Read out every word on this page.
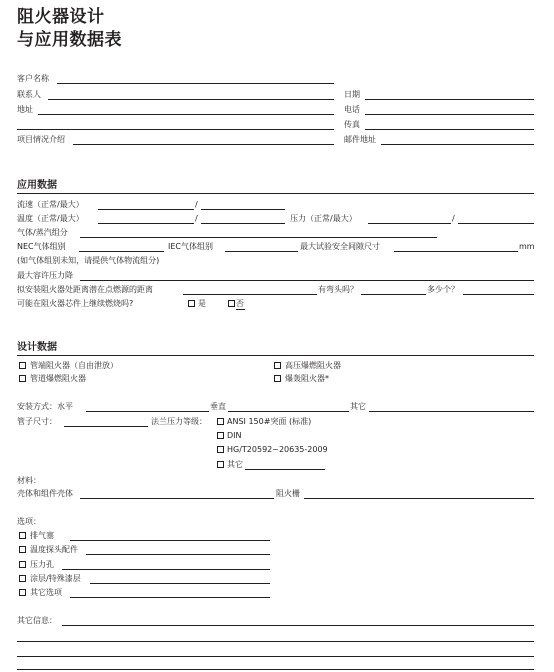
阻火器设计
与应用数据表
客户名称
联系人	日期
地址	电话
传真
项目情况介绍	邮件地址
应用数据
流速（正常/最大）	/
温度（正常/最大）	/	压力（正常/最大）	/
气体/蒸汽组分
NEC气体组别	IEC气体组别	最大试验安全间隙尺寸	mm
(如气体组别未知，请提供气体物流组分)
最大容许压力降
拟安装阻火器处距离潜在点燃源的距离	有弯头吗？	多少个？
可能在阻火器芯件上继续燃烧吗?	是	否
设计数据
管端阻火器（自由泄放）	高压爆燃阻火器
管道爆燃阻火器	爆轰阻火器*
安装方式：水平	垂直	其它
管子尺寸：	法兰压力等级：	ANSI 150#突面 (标准)
DIN
HG/T20592~20635-2009
其它
材料：
壳体和组件壳体	阻火栅
选项：
排气塞
温度探头配件
压力孔
涂层/特殊漆层
其它选项
其它信息：
